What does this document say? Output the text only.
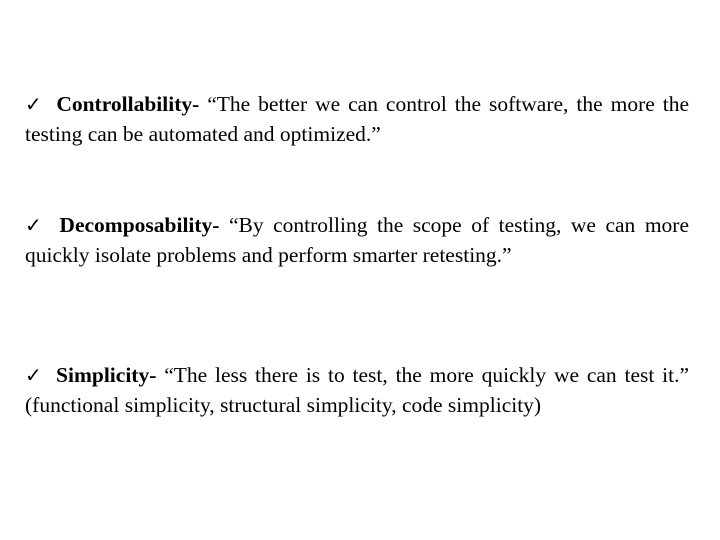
✓ Controllability- “The better we can control the software, the more the testing can be automated and optimized.”

✓ Decomposability- “By controlling the scope of testing, we can more quickly isolate problems and perform smarter retesting.”

✓ Simplicity- “The less there is to test, the more quickly we can test it.” (functional simplicity, structural simplicity, code simplicity)
